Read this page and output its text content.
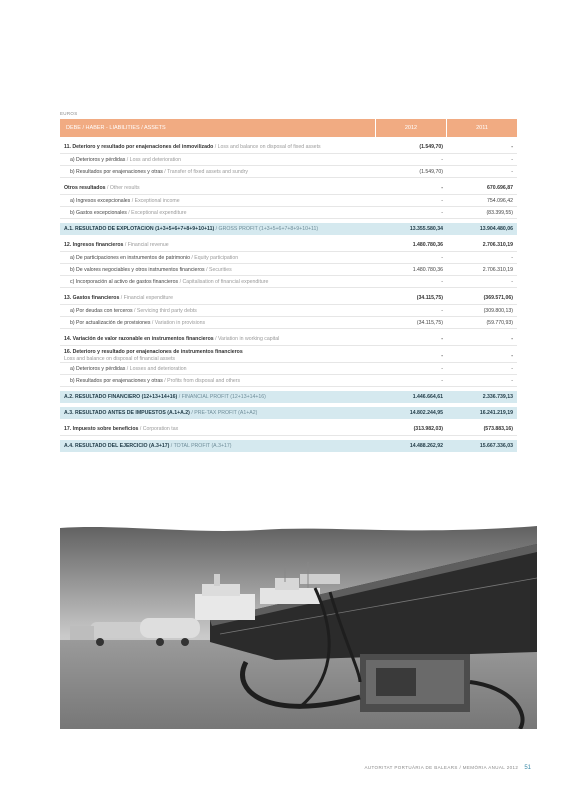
EUROS
DEBE / HABER - LIABILITIES / ASSETS	2012	2011
11. Deterioro y resultado por enajenaciones del inmovilizado / Loss and balance on disposal of fixed assets	(1.549,70)	-
a) Deterioros y pérdidas / Loss and deterioration	-	-
b) Resultados por enajenaciones y otras / Transfer of fixed assets and sundry	(1.549,70)	-
Otros resultados / Other results	-	670.696,87
a) Ingresos excepcionales / Exceptional income	-	754.096,42
b) Gastos excepcionales / Exceptional expenditure	-	(83.399,55)
A.1. RESULTADO DE EXPLOTACIÓN (1+3+5+6+7+8+9+10+11) / GROSS PROFIT (1+3+5+6+7+8+9+10+11)	13.355.580,34	13.904.480,06
12. Ingresos financieros / Financial revenue	1.480.780,36	2.706.310,19
a) De participaciones en instrumentos de patrimonio / Equity participation	-	-
b) De valores negociables y otros instrumentos financieros / Securities	1.480.780,36	2.706.310,19
c) Incorporación al activo de gastos financieros / Capitalisation of financial expenditure	-	-
13. Gastos financieros / Financial expenditure	(34.115,75)	(369.571,06)
a) Por deudas con terceros / Servicing third party debts	-	(309.800,13)
b) Por actualización de provisiones / Variation in provisions	(34.115,75)	(59.770,93)
14. Variación de valor razonable en instrumentos financieros / Variation in working capital	-	-
16. Deterioro y resultado por enajenaciones de instrumentos financieros
Loss and balance on disposal of financial assets	-	-
a) Deterioros y pérdidas / Losses and deterioration	-	-
b) Resultados por enajenaciones y otras / Profits from disposal and others	-	-
A.2. RESULTADO FINANCIERO (12+13+14+16) / FINANCIAL PROFIT (12+13+14+16)	1.446.664,61	2.336.739,13
A.3. RESULTADO ANTES DE IMPUESTOS (A.1+A.2) / PRE-TAX PROFIT (A1+A2)	14.802.244,95	16.241.219,19
17. Impuesto sobre beneficios / Corporation tax	(313.982,03)	(573.883,16)
A.4. RESULTADO DEL EJERCICIO (A.3+17) / TOTAL PROFIT (A.3+17)	14.488.262,92	15.667.336,03
AUTORITAT PORTUÀRIA DE BALEARS / MEMÒRIA ANUAL 2012 51
